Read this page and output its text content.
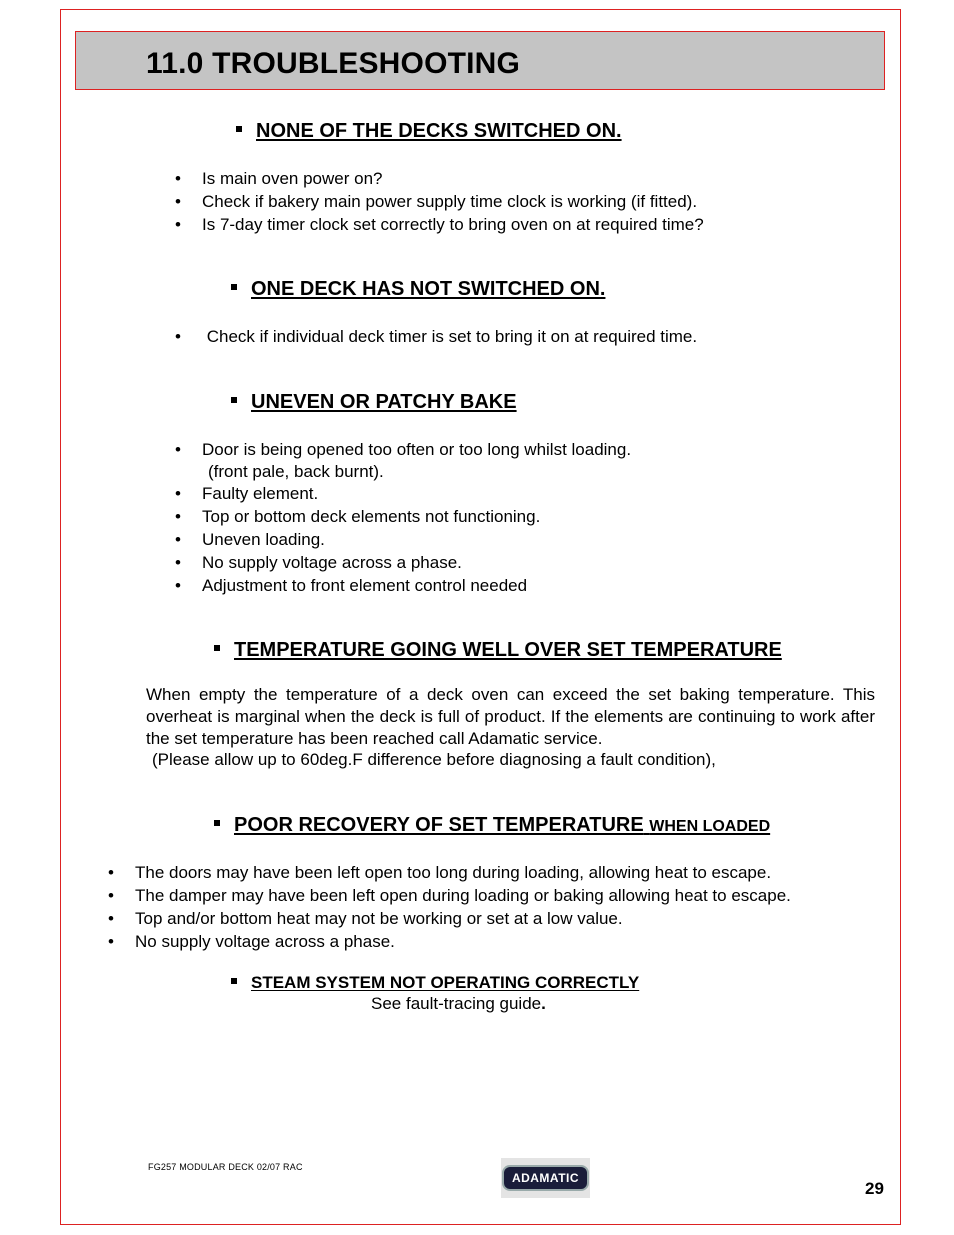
11.0 TROUBLESHOOTING
NONE OF THE DECKS SWITCHED ON.
• Is main oven power on?
• Check if bakery main power supply time clock is working (if fitted).
• Is 7-day timer clock set correctly to bring oven on at required time?
ONE DECK HAS NOT SWITCHED ON.
• Check if individual deck timer is set to bring it on at required time.
UNEVEN OR PATCHY BAKE
• Door is being opened too often or too long whilst loading.
(front pale, back burnt).
• Faulty element.
• Top or bottom deck elements not functioning.
• Uneven loading.
• No supply voltage across a phase.
• Adjustment to front element control needed
TEMPERATURE GOING WELL OVER SET TEMPERATURE

When empty the temperature of a deck oven can exceed the set baking temperature. This overheat is marginal when the deck is full of product. If the elements are continuing to work after the set temperature has been reached call Adamatic service.

(Please allow up to 60deg.F difference before diagnosing a fault condition),
POOR RECOVERY OF SET TEMPERATURE WHEN LOADED
• The doors may have been left open too long during loading, allowing heat to escape.
• The damper may have been left open during loading or baking allowing heat to escape.
• Top and/or bottom heat may not be working or set at a low value.
• No supply voltage across a phase.
STEAM SYSTEM NOT OPERATING CORRECTLY
See fault-tracing guide.
FG257 MODULAR DECK 02/07 RAC
ADAMATIC
29
